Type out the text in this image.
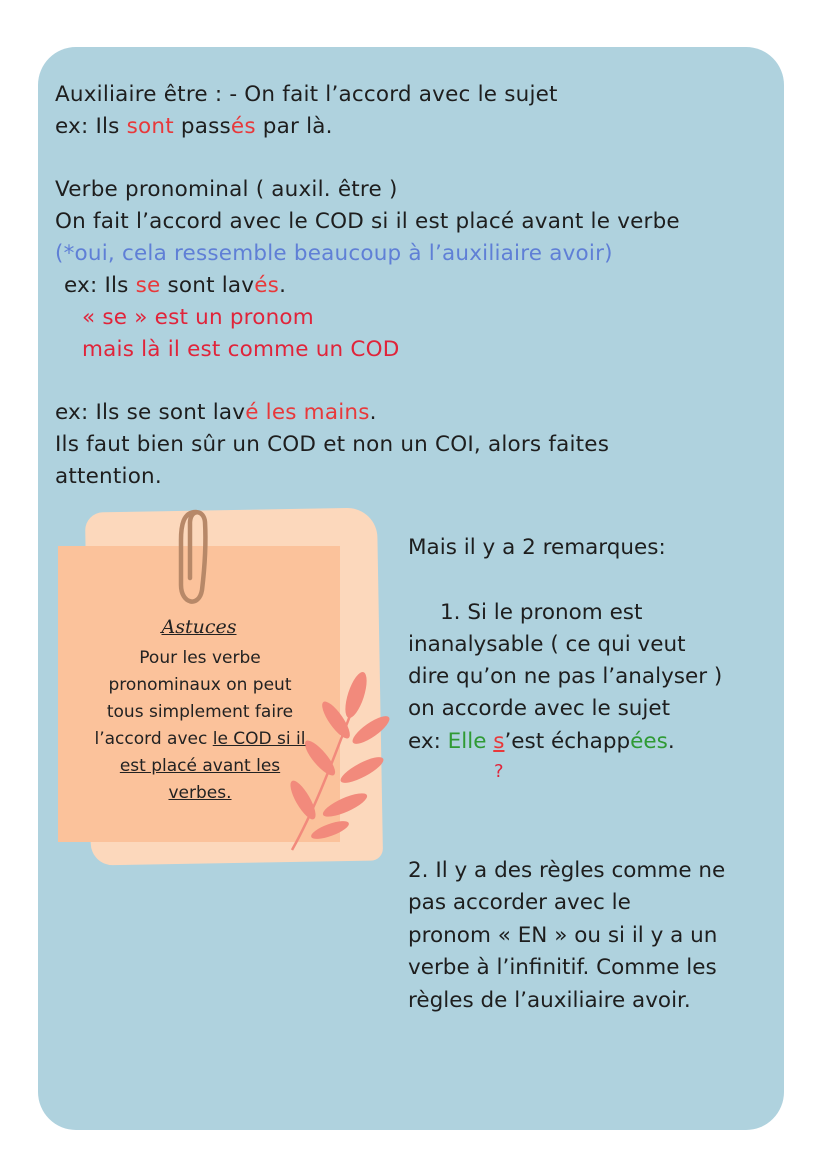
Auxiliaire être : - On fait l’accord avec le sujet
ex: Ils sont passés par là.
Verbe pronominal ( auxil. être )
On fait l’accord avec le COD si il est placé avant le verbe
(*oui, cela ressemble beaucoup à l’auxiliaire avoir)
ex: Ils se sont lavés.
« se » est un pronom
mais là il est comme un COD
ex: Ils se sont lavé les mains.
Ils faut bien sûr un COD et non un COI, alors faites
attention.
Astuces
Pour les verbe
pronominaux on peut
tous simplement faire
l’accord avec le COD si il
est placé avant les
verbes.
Mais il y a 2 remarques:
1. Si le pronom est
inanalysable ( ce qui veut
dire qu’on ne pas l’analyser )
on accorde avec le sujet
ex: Elle s’est échappées.
?
2. Il y a des règles comme ne
pas accorder avec le
pronom « EN » ou si il y a un
verbe à l’infinitif. Comme les
règles de l’auxiliaire avoir.
